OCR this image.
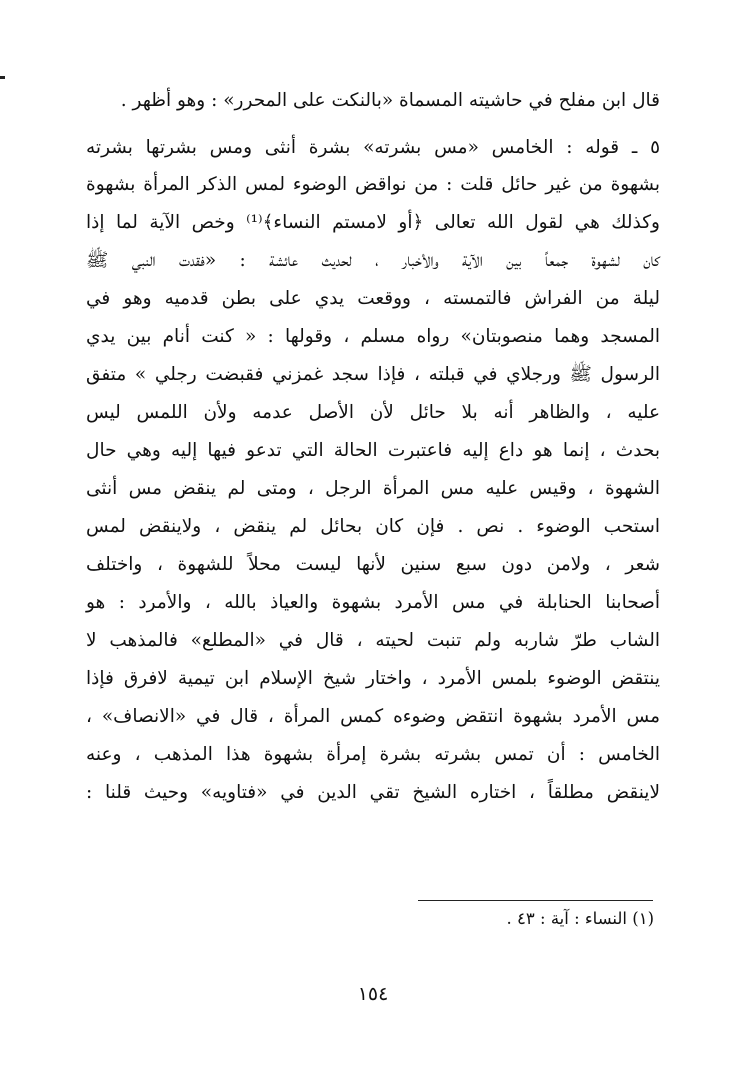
قال ابن مفلح في حاشيته المسماة «بالنكت على المحرر» : وهو أظهر .
٥ ـ قوله : الخامس «مس بشرته» بشرة أنثى ومس بشرتها بشرته
بشهوة من غير حائل قلت : من نواقض الوضوء لمس الذكر المرأة بشهوة
وكذلك هي لقول الله تعالى ﴿أو لامستم النساء﴾⁽¹⁾ وخص الآية لما إذا
كان لشهوة جمعاً بين الآية والأخبار ، لحديث عائشة : «فقدت النبي ﷺ
ليلة من الفراش فالتمسته ، ووقعت يدي على بطن قدميه وهو في
المسجد وهما منصوبتان» رواه مسلم ، وقولها : « كنت أنام بين يدي
الرسول ﷺ ورجلاي في قبلته ، فإذا سجد غمزني فقبضت رجلي » متفق
عليه ، والظاهر أنه بلا حائل لأن الأصل عدمه ولأن اللمس ليس
بحدث ، إنما هو داع إليه فاعتبرت الحالة التي تدعو فيها إليه وهي حال
الشهوة ، وقيس عليه مس المرأة الرجل ، ومتى لم ينقض مس أنثى
استحب الوضوء . نص . فإن كان بحائل لم ينقض ، ولاينقض لمس
شعر ، ولامن دون سبع سنين لأنها ليست محلاً للشهوة ، واختلف
أصحابنا الحنابلة في مس الأمرد بشهوة والعياذ بالله ، والأمرد : هو
الشاب طرّ شاربه ولم تنبت لحيته ، قال في «المطلع» فالمذهب لا
ينتقض الوضوء بلمس الأمرد ، واختار شيخ الإسلام ابن تيمية لافرق فإذا
مس الأمرد بشهوة انتقض وضوءه كمس المرأة ، قال في «الانصاف» ،
الخامس : أن تمس بشرته بشرة إمرأة بشهوة هذا المذهب ، وعنه
لاينقض مطلقاً ، اختاره الشيخ تقي الدين في «فتاويه» وحيث قلنا :
(١) النساء : آية : ٤٣ .
١٥٤
